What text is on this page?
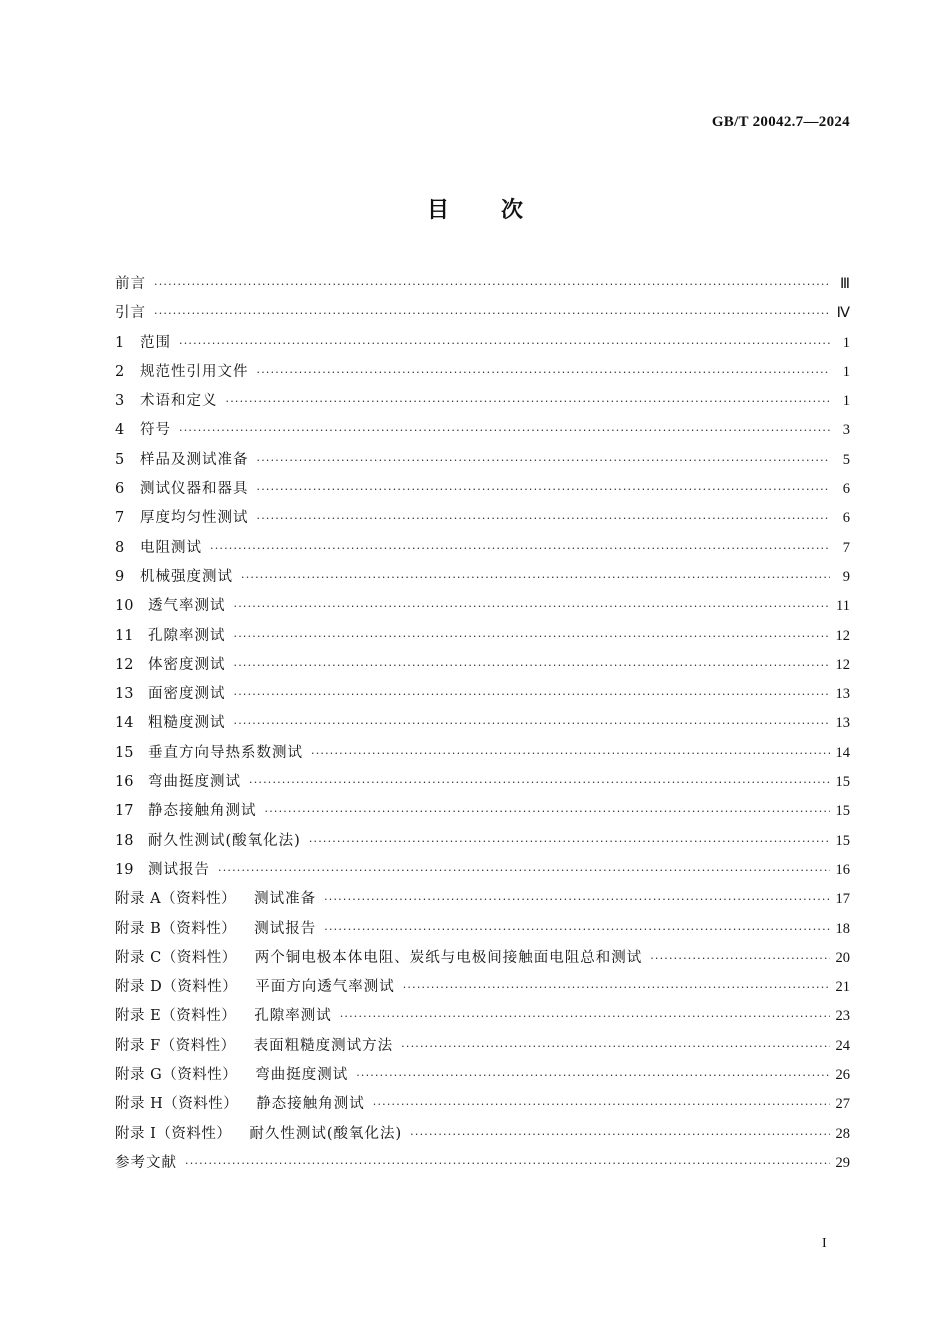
GB/T 20042.7—2024
目 次
前言 ·····	Ⅲ
引言 ·····	Ⅳ
1	范围 ·····	1
2	规范性引用文件 ·····	1
3	术语和定义 ·····	1
4	符号 ·····	3
5	样品及测试准备 ·····	5
6	测试仪器和器具 ·····	6
7	厚度均匀性测试 ·····	6
8	电阻测试 ·····	7
9	机械强度测试 ·····	9
10	透气率测试 ·····	11
11	孔隙率测试 ·····	12
12	体密度测试 ·····	12
13	面密度测试 ·····	13
14	粗糙度测试 ·····	13
15	垂直方向导热系数测试 ·····	14
16	弯曲挺度测试 ·····	15
17	静态接触角测试 ·····	15
18	耐久性测试(酸氧化法) ·····	15
19	测试报告 ·····	16
附录 A（资料性） 测试准备 ·····	17
附录 B（资料性） 测试报告 ·····	18
附录 C（资料性） 两个铜电极本体电阻、炭纸与电极间接触面电阻总和测试 ·····	20
附录 D（资料性） 平面方向透气率测试 ·····	21
附录 E（资料性） 孔隙率测试 ·····	23
附录 F（资料性） 表面粗糙度测试方法 ·····	24
附录 G（资料性） 弯曲挺度测试 ·····	26
附录 H（资料性） 静态接触角测试 ·····	27
附录 I（资料性） 耐久性测试(酸氧化法) ·····	28
参考文献 ·····	29
I
